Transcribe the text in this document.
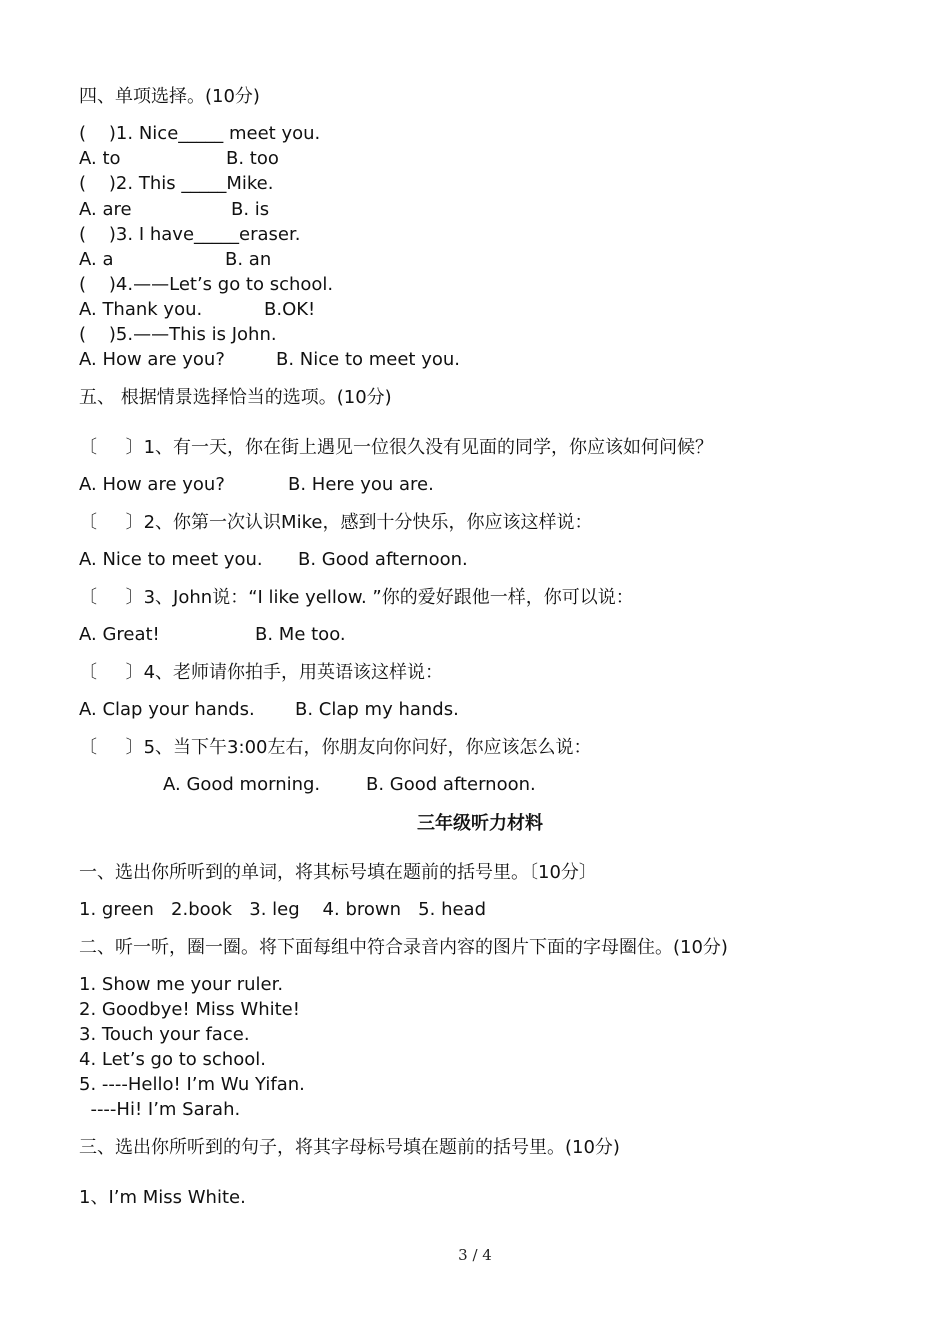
四、单项选择。(10分)
(    )1. Nice_____ meet you.
A. to	B. too
(    )2. This _____Mike.
A. are	B. is
(    )3. I have_____eraser.
A. a	B. an
(    )4.——Let’s go to school.
A. Thank you.	B.OK!
(    )5.——This is John.
A. How are you?	B. Nice to meet you.
五、 根据情景选择恰当的选项。(10分)
〔     〕1、有一天，你在街上遇见一位很久没有见面的同学，你应该如何问候？
A. How are you?	B. Here you are.
〔     〕2、你第一次认识Mike，感到十分快乐，你应该这样说：
A. Nice to meet you. B. Good afternoon.
〔     〕3、John说：“I like yellow. ”你的爱好跟他一样，你可以说：
A. Great!	B. Me too.
〔     〕4、老师请你拍手，用英语该这样说：
A. Clap your hands. B. Clap my hands.
〔     〕5、当下午3:00左右，你朋友向你问好，你应该怎么说：
A. Good morning.	B. Good afternoon.
三年级听力材料
一、选出你所听到的单词，将其标号填在题前的括号里。〔10分〕
1. green   2.book   3. leg    4. brown   5. head
二、听一听，圈一圈。将下面每组中符合录音内容的图片下面的字母圈住。(10分)
1. Show me your ruler.
2. Goodbye! Miss White!
3. Touch your face.
4. Let’s go to school.
5. ----Hello! I’m Wu Yifan.
----Hi! I’m Sarah.
三、选出你所听到的句子，将其字母标号填在题前的括号里。(10分)
1、I’m Miss White.
3 / 4
